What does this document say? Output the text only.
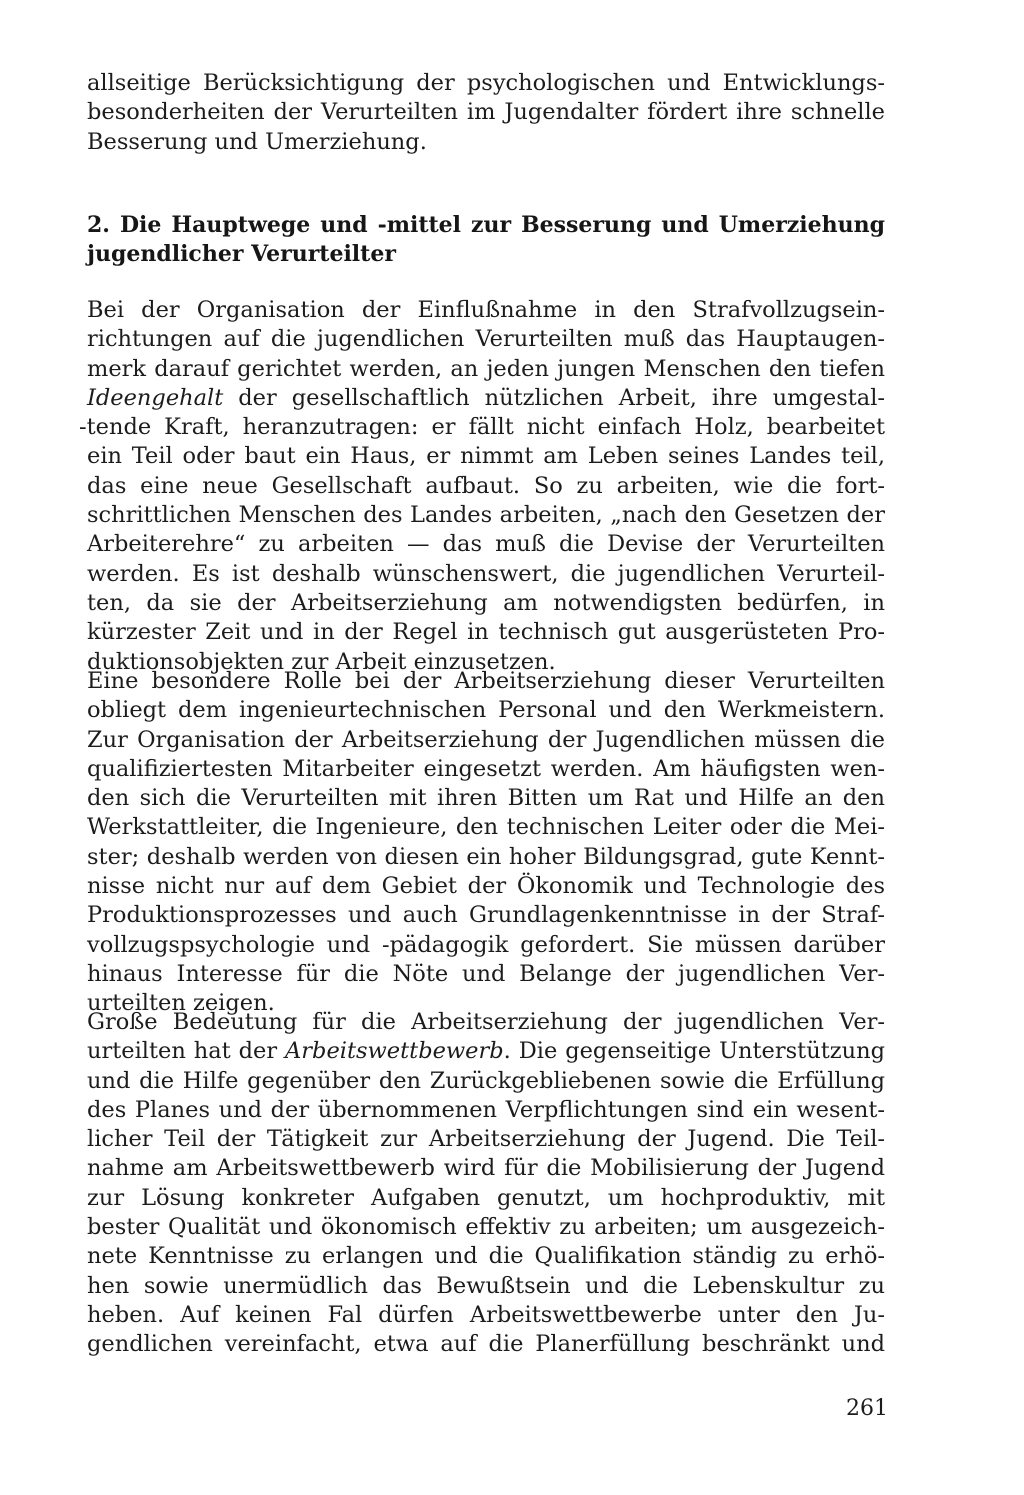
allseitige Berücksichtigung der psychologischen und Entwicklungs-
besonderheiten der Verurteilten im Jugendalter fördert ihre schnelle
Besserung und Umerziehung.
2. Die Hauptwege und -mittel zur Besserung und Umerziehung
jugendlicher Verurteilter
Bei der Organisation der Einflußnahme in den Strafvollzugsein-
richtungen auf die jugendlichen Verurteilten muß das Hauptaugen-
merk darauf gerichtet werden, an jeden jungen Menschen den tiefen
Ideengehalt der gesellschaftlich nützlichen Arbeit, ihre umgestal-
-tende Kraft, heranzutragen: er fällt nicht einfach Holz, bearbeitet
ein Teil oder baut ein Haus, er nimmt am Leben seines Landes teil,
das eine neue Gesellschaft aufbaut. So zu arbeiten, wie die fort-
schrittlichen Menschen des Landes arbeiten, „nach den Gesetzen der
Arbeiterehre“ zu arbeiten — das muß die Devise der Verurteilten
werden. Es ist deshalb wünschenswert, die jugendlichen Verurteil-
ten, da sie der Arbeitserziehung am notwendigsten bedürfen, in
kürzester Zeit und in der Regel in technisch gut ausgerüsteten Pro-
duktionsobjekten zur Arbeit einzusetzen.
Eine besondere Rolle bei der Arbeitserziehung dieser Verurteilten
obliegt dem ingenieurtechnischen Personal und den Werkmeistern.
Zur Organisation der Arbeitserziehung der Jugendlichen müssen die
qualifiziertesten Mitarbeiter eingesetzt werden. Am häufigsten wen-
den sich die Verurteilten mit ihren Bitten um Rat und Hilfe an den
Werkstattleiter, die Ingenieure, den technischen Leiter oder die Mei-
ster; deshalb werden von diesen ein hoher Bildungsgrad, gute Kennt-
nisse nicht nur auf dem Gebiet der Ökonomik und Technologie des
Produktionsprozesses und auch Grundlagenkenntnisse in der Straf-
vollzugspsychologie und -pädagogik gefordert. Sie müssen darüber
hinaus Interesse für die Nöte und Belange der jugendlichen Ver-
urteilten zeigen.
Große Bedeutung für die Arbeitserziehung der jugendlichen Ver-
urteilten hat der Arbeitswettbewerb. Die gegenseitige Unterstützung
und die Hilfe gegenüber den Zurückgebliebenen sowie die Erfüllung
des Planes und der übernommenen Verpflichtungen sind ein wesent-
licher Teil der Tätigkeit zur Arbeitserziehung der Jugend. Die Teil-
nahme am Arbeitswettbewerb wird für die Mobilisierung der Jugend
zur Lösung konkreter Aufgaben genutzt, um hochproduktiv, mit
bester Qualität und ökonomisch effektiv zu arbeiten; um ausgezeich-
nete Kenntnisse zu erlangen und die Qualifikation ständig zu erhö-
hen sowie unermüdlich das Bewußtsein und die Lebenskultur zu
heben. Auf keinen Fal dürfen Arbeitswettbewerbe unter den Ju-
gendlichen vereinfacht, etwa auf die Planerfüllung beschränkt und
261
